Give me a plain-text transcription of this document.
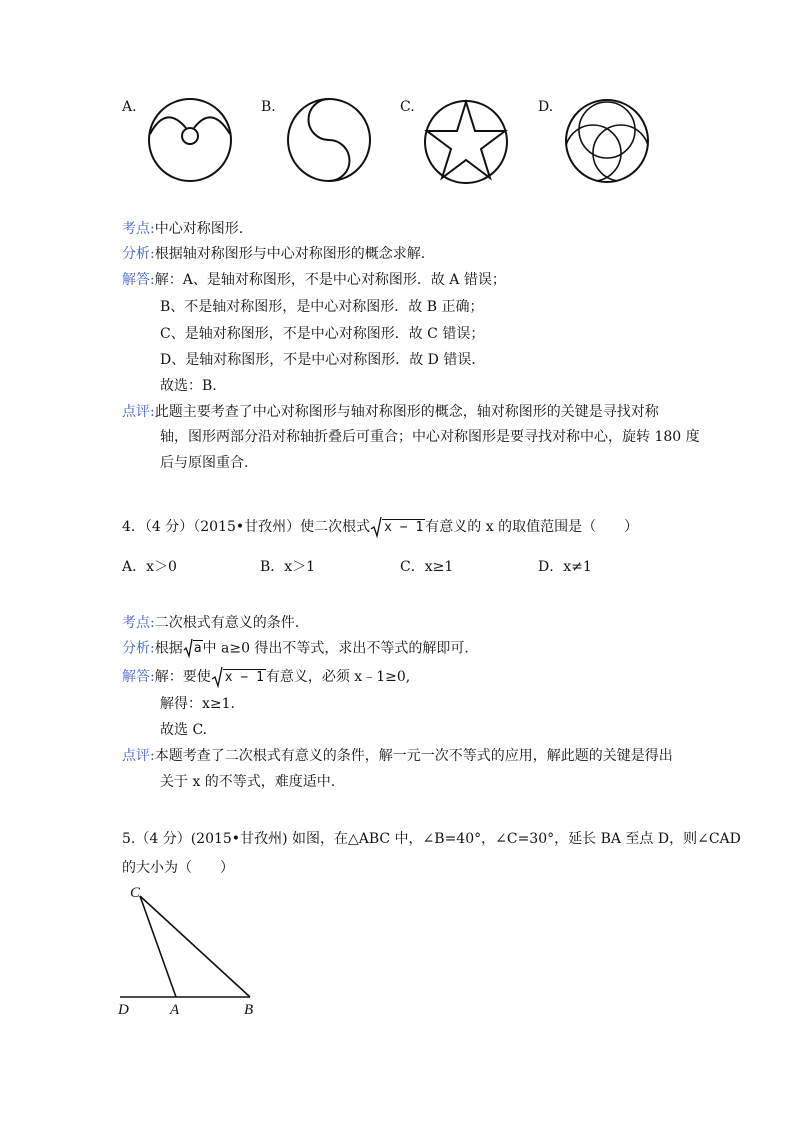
A.	B.	C.	D.
考点:中心对称图形.
分析:根据轴对称图形与中心对称图形的概念求解.
解答:解：A、是轴对称图形，不是中心对称图形．故 A 错误；
B、不是轴对称图形，是中心对称图形．故 B 正确；
C、是轴对称图形，不是中心对称图形．故 C 错误；
D、是轴对称图形，不是中心对称图形．故 D 错误．
故选：B.
点评:此题主要考查了中心对称图形与轴对称图形的概念，轴对称图形的关键是寻找对称
轴，图形两部分沿对称轴折叠后可重合；中心对称图形是要寻找对称中心，旋转 180 度
后与原图重合.
4．（4 分）（2015•甘孜州）使二次根式 x − 1 有意义的 x 的取值范围是（　　）
A．x＞0	B．x＞1	C．x≥1	D．x≠1
考点:二次根式有意义的条件.
分析:根据 a中 a≥0 得出不等式，求出不等式的解即可.
解答:解：要使 x − 1 有意义，必须 x﹣1≥0,
解得：x≥1.
故选 C.
点评:本题考查了二次根式有意义的条件，解一元一次不等式的应用，解此题的关键是得出
关于 x 的不等式，难度适中.
5.（4 分）(2015•甘孜州) 如图，在△ABC 中，∠B=40°，∠C=30°，延长 BA 至点 D，则∠CAD
的大小为（　　）
C
D	A	B
